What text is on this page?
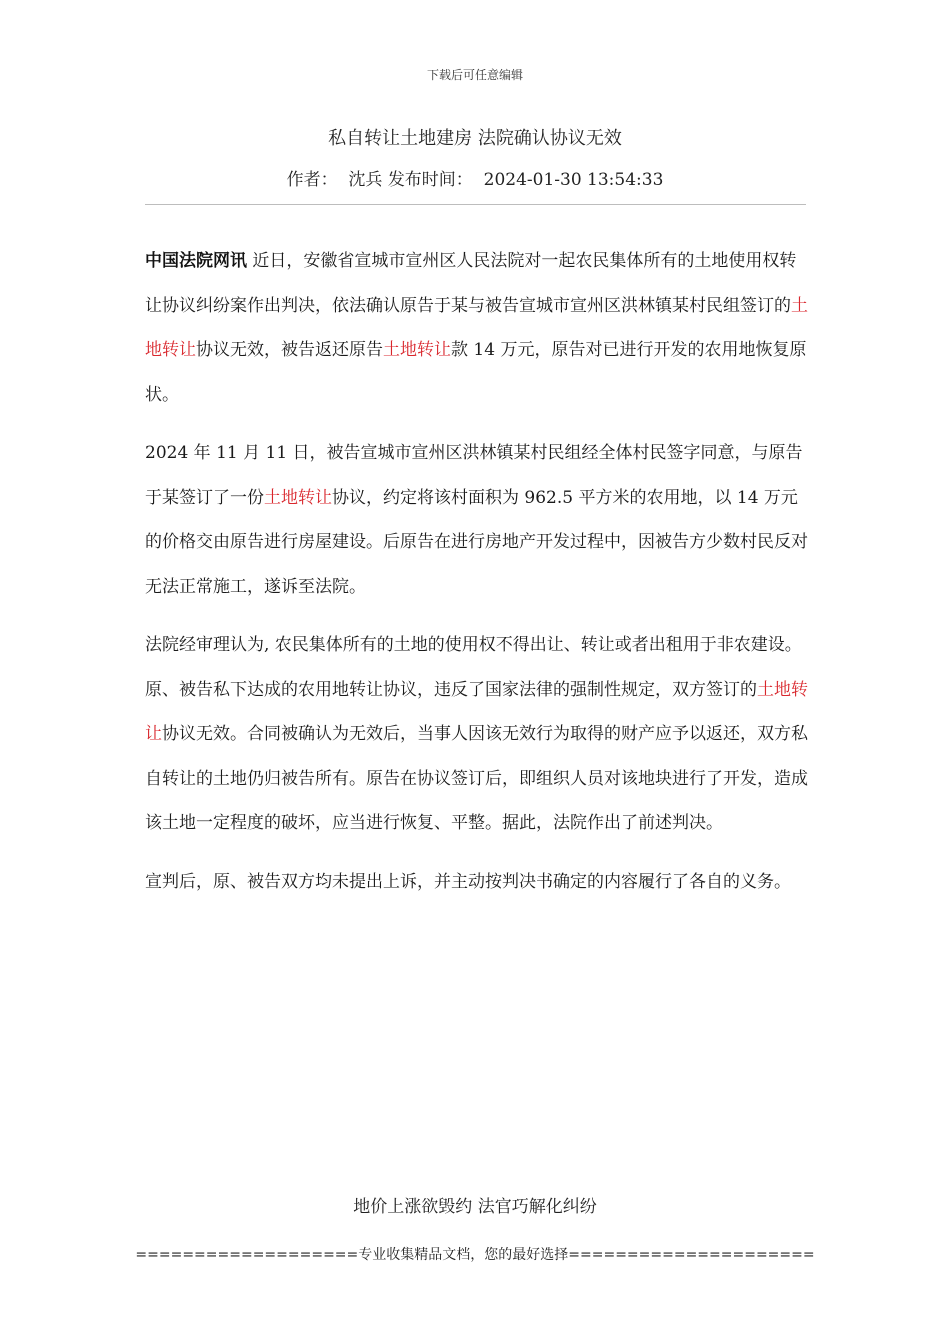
下载后可任意编辑
私自转让土地建房 法院确认协议无效
作者： 沈兵 发布时间： 2024-01-30 13:54:33

中国法院网讯 近日，安徽省宣城市宣州区人民法院对一起农民集体所有的土地使用权转让协议纠纷案作出判决，依法确认原告于某与被告宣城市宣州区洪林镇某村民组签订的土地转让协议无效，被告返还原告土地转让款 14 万元，原告对已进行开发的农用地恢复原状。

2024 年 11 月 11 日，被告宣城市宣州区洪林镇某村民组经全体村民签字同意，与原告于某签订了一份土地转让协议，约定将该村面积为 962.5 平方米的农用地，以 14 万元的价格交由原告进行房屋建设。后原告在进行房地产开发过程中，因被告方少数村民反对无法正常施工，遂诉至法院。

法院经审理认为, 农民集体所有的土地的使用权不得出让、转让或者出租用于非农建设。原、被告私下达成的农用地转让协议，违反了国家法律的强制性规定，双方签订的土地转让协议无效。合同被确认为无效后，当事人因该无效行为取得的财产应予以返还，双方私自转让的土地仍归被告所有。原告在协议签订后，即组织人员对该地块进行了开发，造成该土地一定程度的破坏，应当进行恢复、平整。据此，法院作出了前述判决。

宣判后，原、被告双方均未提出上诉，并主动按判决书确定的内容履行了各自的义务。

地价上涨欲毁约 法官巧解化纠纷
===================专业收集精品文档，您的最好选择=====================
